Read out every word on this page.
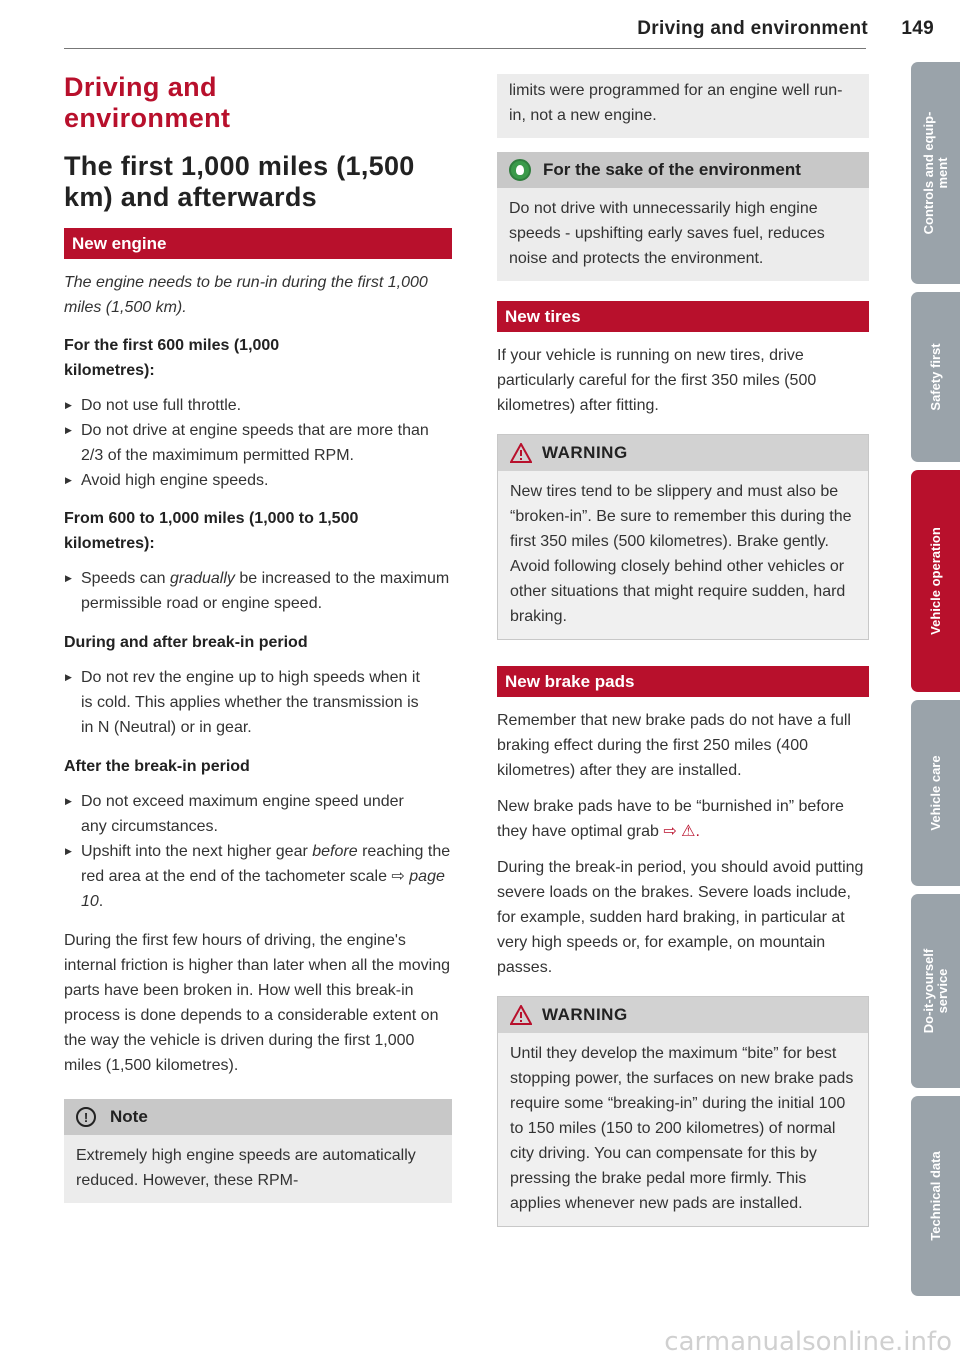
Driving and environment 149
Driving and environment
The first 1,000 miles (1,500 km) and afterwards
New engine

The engine needs to be run-in during the first 1,000 miles (1,500 km).

For the first 600 miles (1,000 kilometres):
▶ Do not use full throttle.
▶ Do not drive at engine speeds that are more than 2/3 of the maximimum permitted RPM.
▶ Avoid high engine speeds.
From 600 to 1,000 miles (1,000 to 1,500 kilometres):
▶ Speeds can gradually be increased to the maximum permissible road or engine speed.
During and after break-in period
▶ Do not rev the engine up to high speeds when it is cold. This applies whether the transmission is in N (Neutral) or in gear.
After the break-in period
▶ Do not exceed maximum engine speed under any circumstances.
▶ Upshift into the next higher gear before reaching the red area at the end of the tachometer scale ⇨ page 10.

During the first few hours of driving, the engine's internal friction is higher than later when all the moving parts have been broken in. How well this break-in process is done depends to a considerable extent on the way the vehicle is driven during the first 1,000 miles (1,500 kilometres).

!	Note
Extremely high engine speeds are automatically reduced. However, these RPM-
limits were programmed for an engine well run-in, not a new engine.
For the sake of the environment
Do not drive with unnecessarily high engine speeds - upshifting early saves fuel, reduces noise and protects the environment.
New tires

If your vehicle is running on new tires, drive particularly careful for the first 350 miles (500 kilometres) after fitting.

WARNING
New tires tend to be slippery and must also be “broken-in”. Be sure to remember this during the first 350 miles (500 kilometres). Brake gently. Avoid following closely behind other vehicles or other situations that might require sudden, hard braking.
New brake pads

Remember that new brake pads do not have a full braking effect during the first 250 miles (400 kilometres) after they are installed.

New brake pads have to be “burnished in” before they have optimal grab ⇨ ⚠.

During the break-in period, you should avoid putting severe loads on the brakes. Severe loads include, for example, sudden hard braking, in particular at very high speeds or, for example, on mountain passes.

WARNING
Until they develop the maximum “bite” for best stopping power, the surfaces on new brake pads require some “breaking-in” during the initial 100 to 150 miles (150 to 200 kilometres) of normal city driving. You can compensate for this by pressing the brake pedal more firmly. This applies whenever new pads are installed.
Controls and equip-
ment
Safety first
Vehicle operation
Vehicle care
Do-it-yourself
service
Technical data
carmanualsonline.info
